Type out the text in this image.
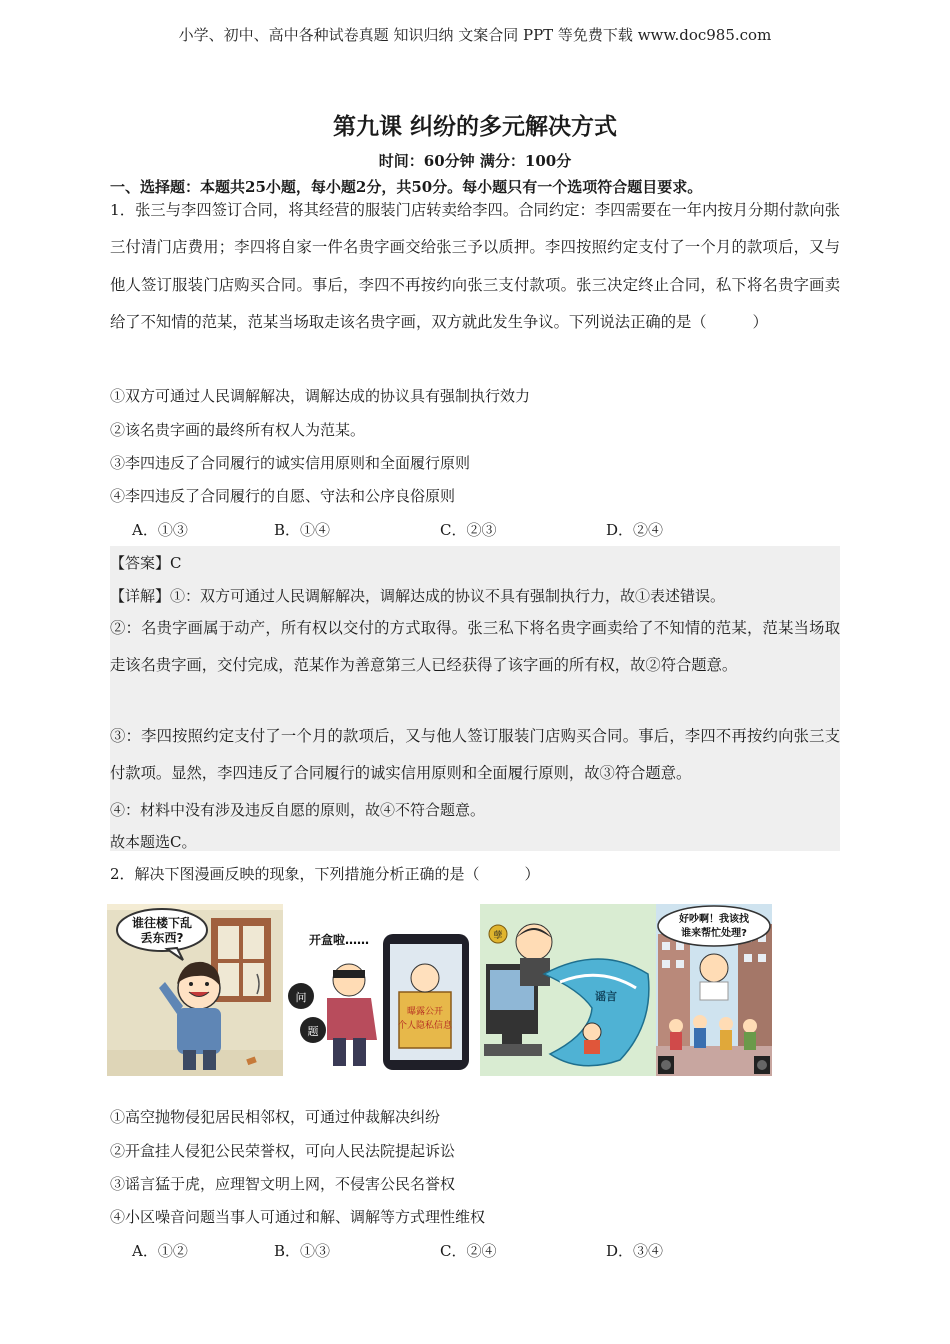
小学、初中、高中各种试卷真题 知识归纳 文案合同 PPT 等免费下载 www.doc985.com
第九课 纠纷的多元解决方式
时间：60分钟 满分：100分
一、选择题：本题共25小题，每小题2分，共50分。每小题只有一个选项符合题目要求。
1．张三与李四签订合同，将其经营的服装门店转卖给李四。合同约定：李四需要在一年内按月分期付款向张三付清门店费用；李四将自家一件名贵字画交给张三予以质押。李四按照约定支付了一个月的款项后，又与他人签订服装门店购买合同。事后，李四不再按约向张三支付款项。张三决定终止合同，私下将名贵字画卖给了不知情的范某，范某当场取走该名贵字画，双方就此发生争议。下列说法正确的是（　　　）
①双方可通过人民调解解决，调解达成的协议具有强制执行效力
②该名贵字画的最终所有权人为范某。
③李四违反了合同履行的诚实信用原则和全面履行原则
④李四违反了合同履行的自愿、守法和公序良俗原则
A．①③	B．①④	C．②③	D．②④
【答案】C
【详解】①：双方可通过人民调解解决，调解达成的协议不具有强制执行力，故①表述错误。
②：名贵字画属于动产，所有权以交付的方式取得。张三私下将名贵字画卖给了不知情的范某，范某当场取走该名贵字画，交付完成，范某作为善意第三人已经获得了该字画的所有权，故②符合题意。
③：李四按照约定支付了一个月的款项后，又与他人签订服装门店购买合同。事后，李四不再按约向张三支付款项。显然，李四违反了合同履行的诚实信用原则和全面履行原则，故③符合题意。
④：材料中没有涉及违反自愿的原则，故④不符合题意。
故本题选C。
2．解决下图漫画反映的现象，下列措施分析正确的是（　　　）
谁往楼下乱
丢东西?	开盒啦……
曝露公开
个人隐私信息
问
题
孽
谣言
好吵啊！我该找
谁来帮忙处理?
①高空抛物侵犯居民相邻权，可通过仲裁解决纠纷
②开盒挂人侵犯公民荣誉权，可向人民法院提起诉讼
③谣言猛于虎，应理智文明上网，不侵害公民名誉权
④小区噪音问题当事人可通过和解、调解等方式理性维权
A．①②	B．①③	C．②④	D．③④
